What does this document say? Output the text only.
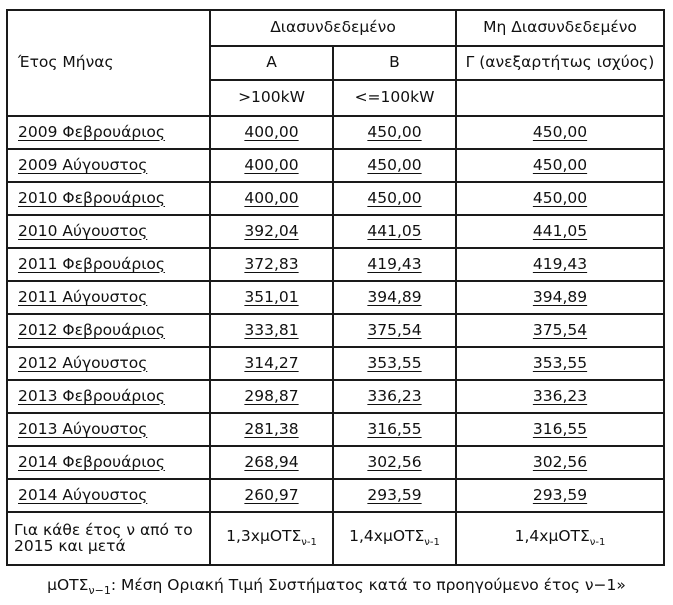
Έτος Μήνας	Διασυνδεδεμένο		Μη Διασυνδεδεμένο
	Α	Β	Γ (ανεξαρτήτως ισχύος)
	>100kW	<=100kW	
2009 Φεβρουάριος	400,00	450,00	450,00
2009 Αύγουστος	400,00	450,00	450,00
2010 Φεβρουάριος	400,00	450,00	450,00
2010 Αύγουστος	392,04	441,05	441,05
2011 Φεβρουάριος	372,83	419,43	419,43
2011 Αύγουστος	351,01	394,89	394,89
2012 Φεβρουάριος	333,81	375,54	375,54
2012 Αύγουστος	314,27	353,55	353,55
2013 Φεβρουάριος	298,87	336,23	336,23
2013 Αύγουστος	281,38	316,55	316,55
2014 Φεβρουάριος	268,94	302,56	302,56
2014 Αύγουστος	260,97	293,59	293,59

Για κάθε έτος ν από το
2015 και μετά	1,3xμΟΤΣ$_{\nu-1}$	1,4xμΟΤΣ$_{\nu-1}$	1,4xμΟΤΣ$_{\nu-1}$
μΟΤΣ$_{\nu-1}$: Μέση Οριακή Τιμή Συστήματος κατά το προηγούμενο έτος ν−1»
